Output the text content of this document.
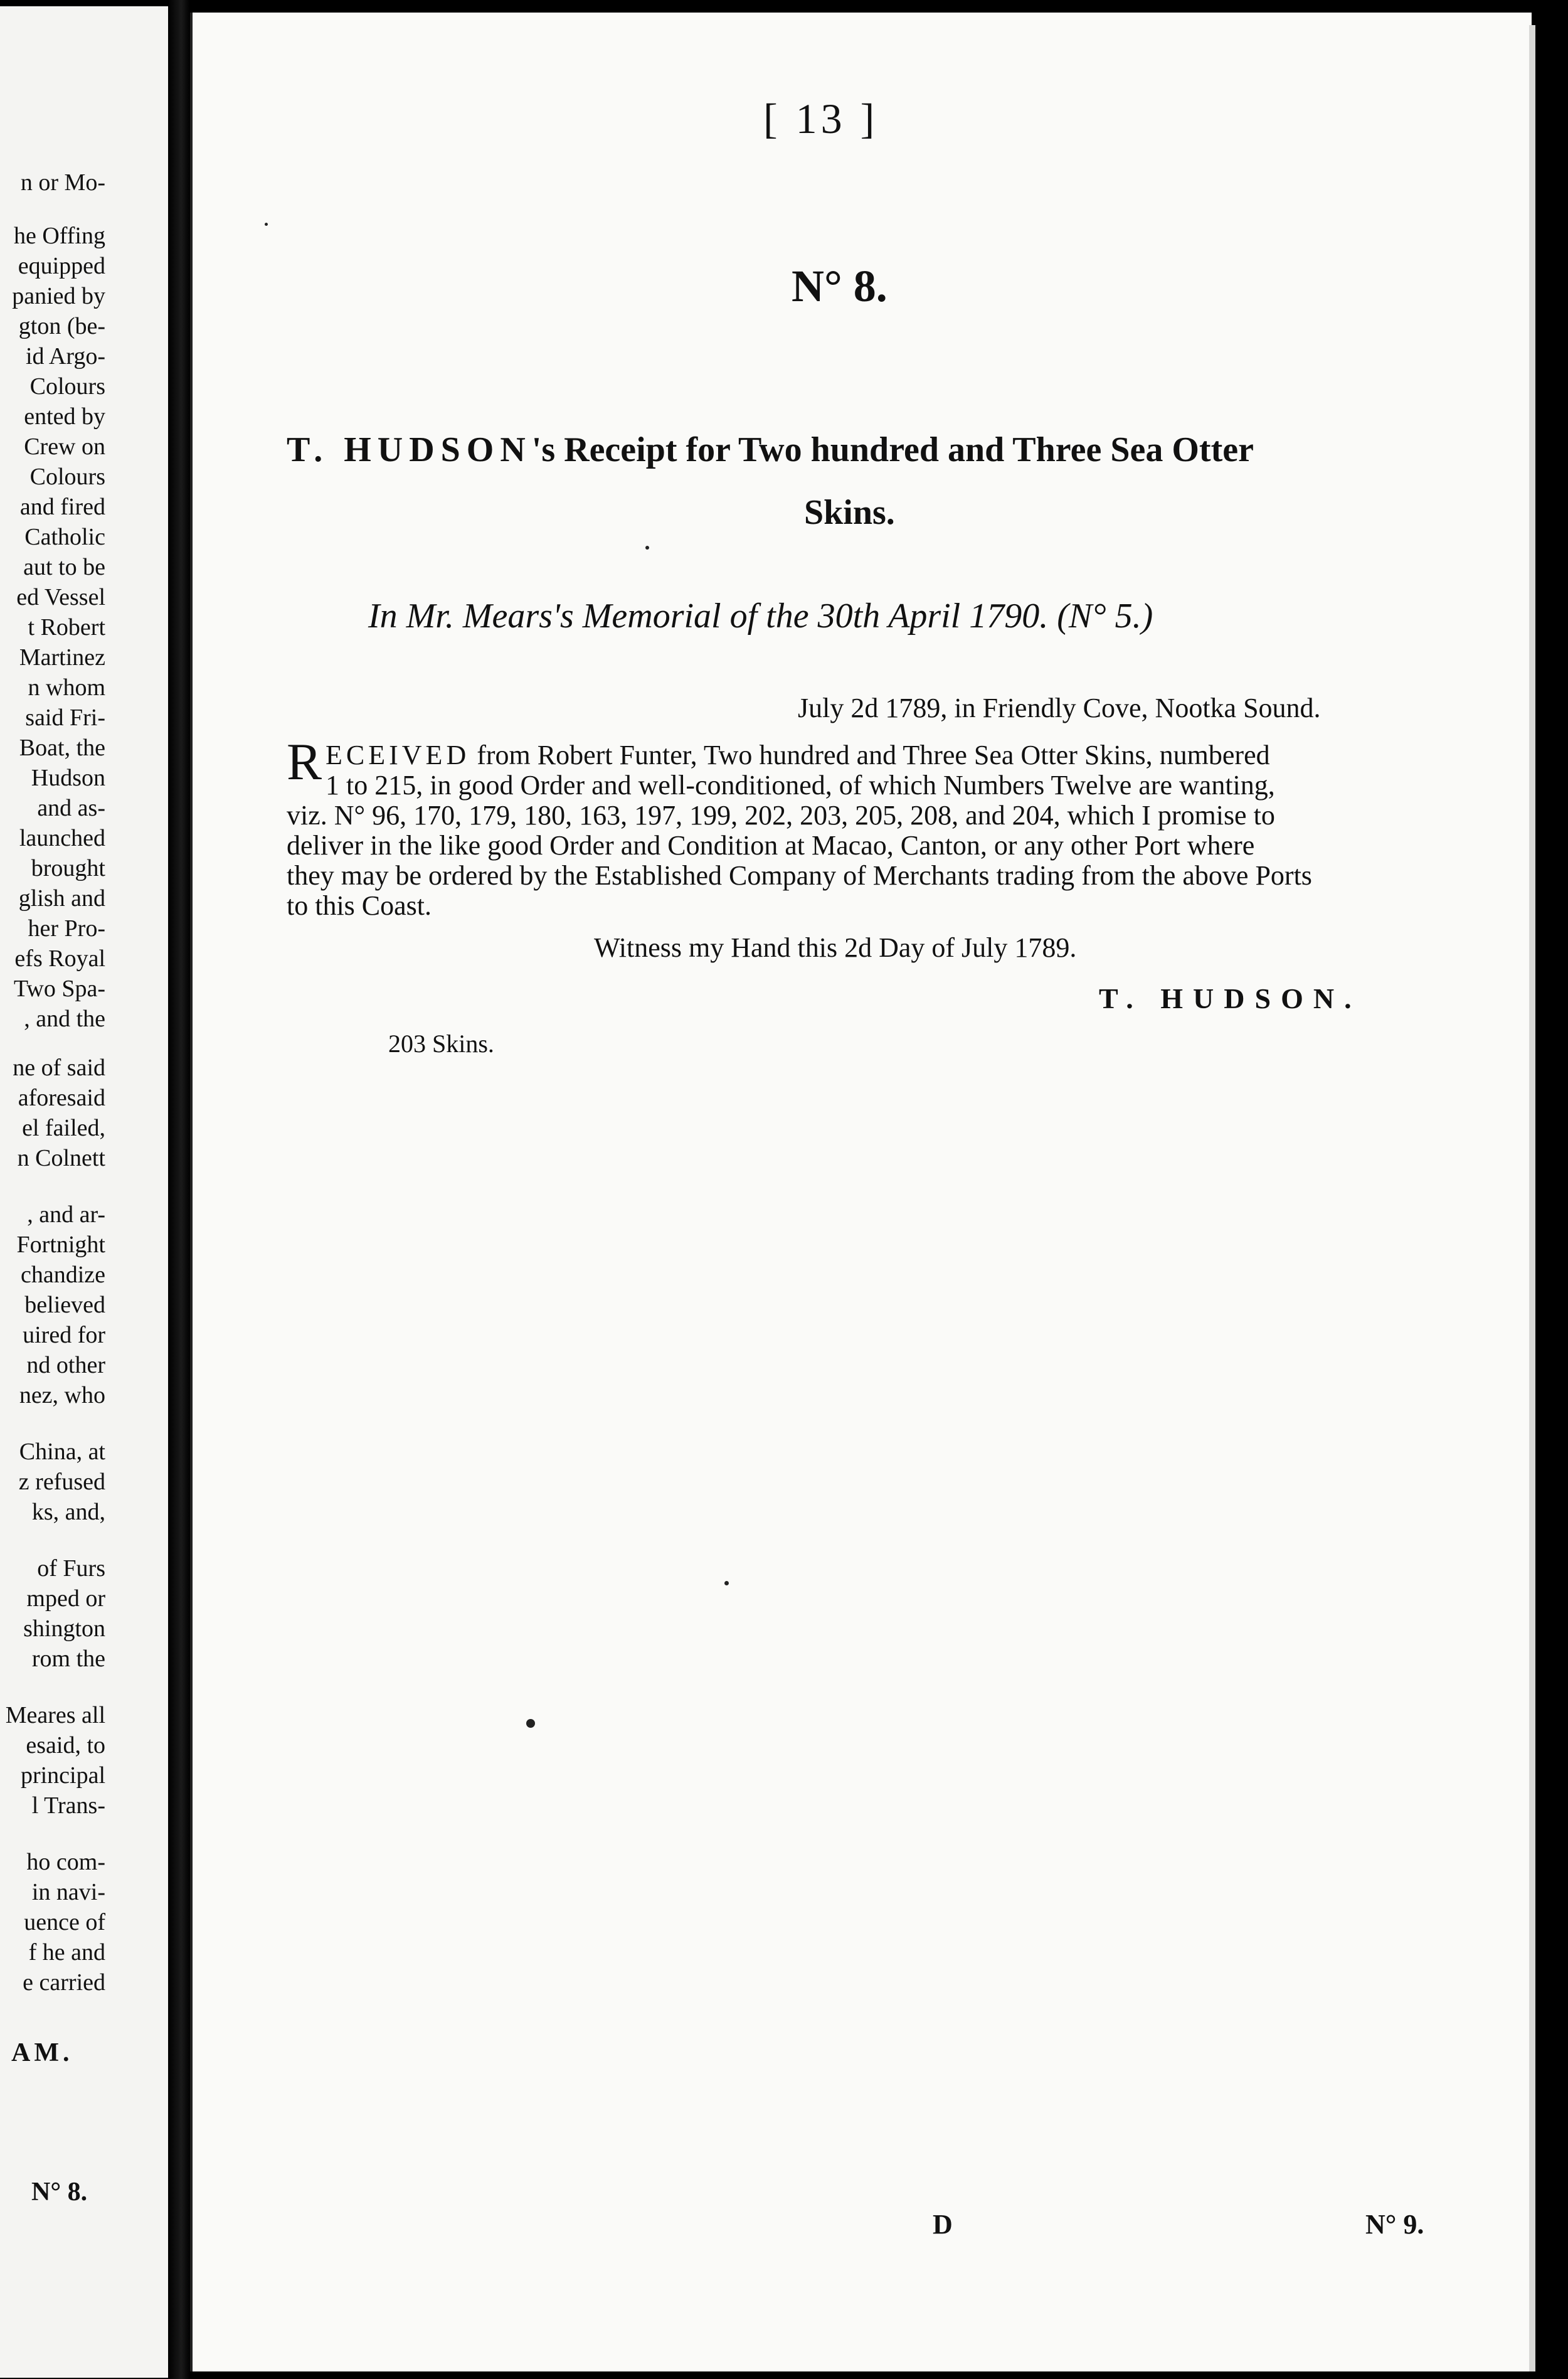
n or Mo-
he Offing
equipped
panied by
gton (be-
id Argo-
Colours
ented by
Crew on
Colours
and fired
Catholic
aut to be
ed Vessel
t Robert
Martinez
n whom
said Fri-
Boat, the
Hudson
and as-
launched
brought
glish and
her Pro-
efs Royal
Two Spa-
, and the
ne of said
aforesaid
el failed,
n Colnett
, and ar-
Fortnight
chandize
believed
uired for
nd other
nez, who
China, at
z refused
ks, and,
of Furs
mped or
shington
rom the
Meares all
esaid, to
principal
l Trans-
ho com-
in navi-
uence of
f he and
e carried
AM.
N° 8.
[ 13 ]
N° 8.
T. HUDSON's Receipt for Two hundred and Three Sea Otter
Skins.
In Mr. Mears's Memorial of the 30th April 1790. (N° 5.)
July 2d 1789, in Friendly Cove, Nootka Sound.
RECEIVED from Robert Funter, Two hundred and Three Sea Otter Skins, numbered
1 to 215, in good Order and well-conditioned, of which Numbers Twelve are wanting,
viz. N° 96, 170, 179, 180, 163, 197, 199, 202, 203, 205, 208, and 204, which I promise to
deliver in the like good Order and Condition at Macao, Canton, or any other Port where
they may be ordered by the Established Company of Merchants trading from the above Ports
to this Coast.
Witness my Hand this 2d Day of July 1789.
T. HUDSON.
203 Skins.
D	N° 9.
